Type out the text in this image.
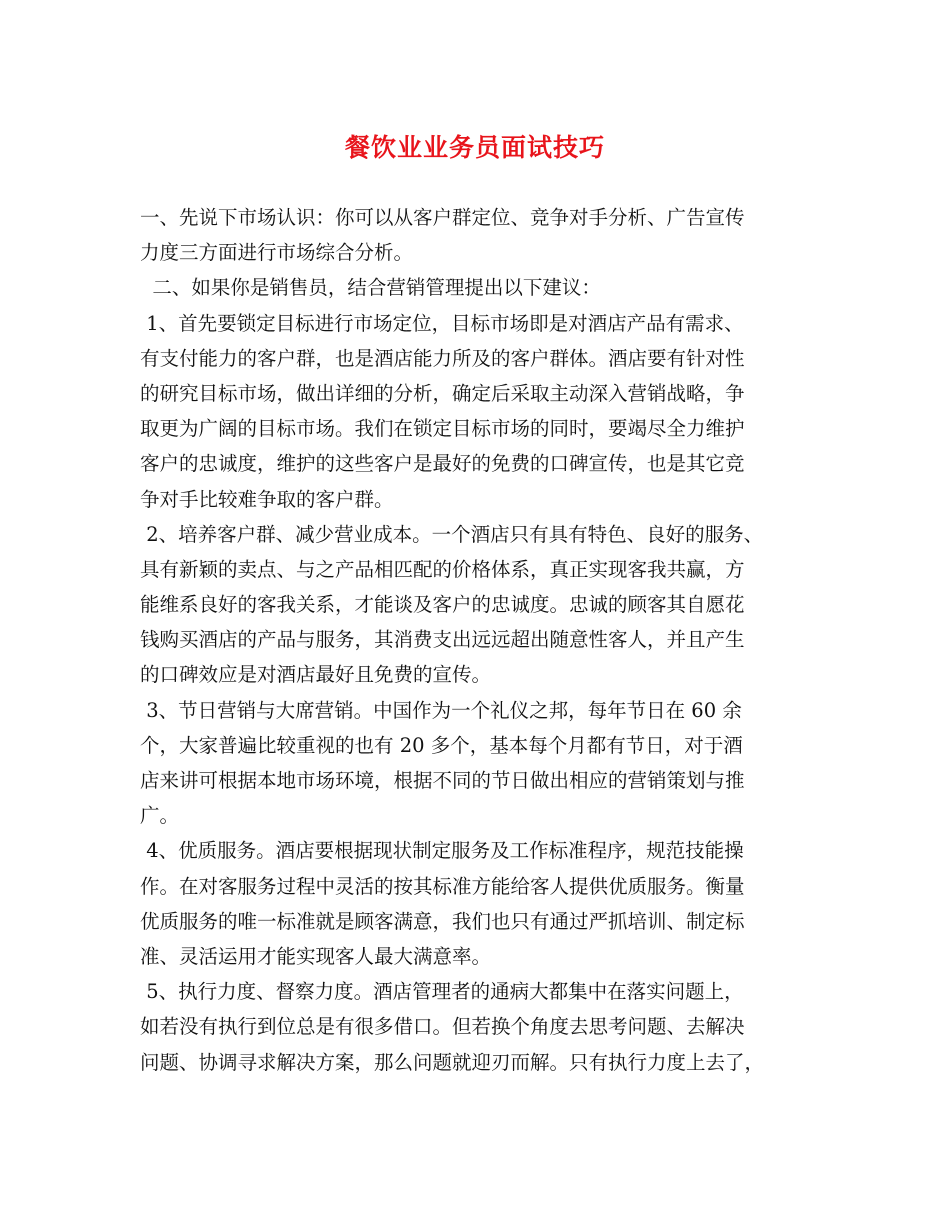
餐饮业业务员面试技巧
一、先说下市场认识：你可以从客户群定位、竞争对手分析、广告宣传
力度三方面进行市场综合分析。
二、如果你是销售员，结合营销管理提出以下建议：
1、首先要锁定目标进行市场定位，目标市场即是对酒店产品有需求、
有支付能力的客户群，也是酒店能力所及的客户群体。酒店要有针对性
的研究目标市场，做出详细的分析，确定后采取主动深入营销战略，争
取更为广阔的目标市场。我们在锁定目标市场的同时，要竭尽全力维护
客户的忠诚度，维护的这些客户是最好的免费的口碑宣传，也是其它竞
争对手比较难争取的客户群。
2、培养客户群、减少营业成本。一个酒店只有具有特色、良好的服务、
具有新颖的卖点、与之产品相匹配的价格体系，真正实现客我共赢，方
能维系良好的客我关系，才能谈及客户的忠诚度。忠诚的顾客其自愿花
钱购买酒店的产品与服务，其消费支出远远超出随意性客人，并且产生
的口碑效应是对酒店最好且免费的宣传。
3、节日营销与大席营销。中国作为一个礼仪之邦，每年节日在 60 余
个，大家普遍比较重视的也有 20 多个，基本每个月都有节日，对于酒
店来讲可根据本地市场环境，根据不同的节日做出相应的营销策划与推
广。
4、优质服务。酒店要根据现状制定服务及工作标准程序，规范技能操
作。在对客服务过程中灵活的按其标准方能给客人提供优质服务。衡量
优质服务的唯一标准就是顾客满意，我们也只有通过严抓培训、制定标
准、灵活运用才能实现客人最大满意率。
5、执行力度、督察力度。酒店管理者的通病大都集中在落实问题上，
如若没有执行到位总是有很多借口。但若换个角度去思考问题、去解决
问题、协调寻求解决方案，那么问题就迎刃而解。只有执行力度上去了，
